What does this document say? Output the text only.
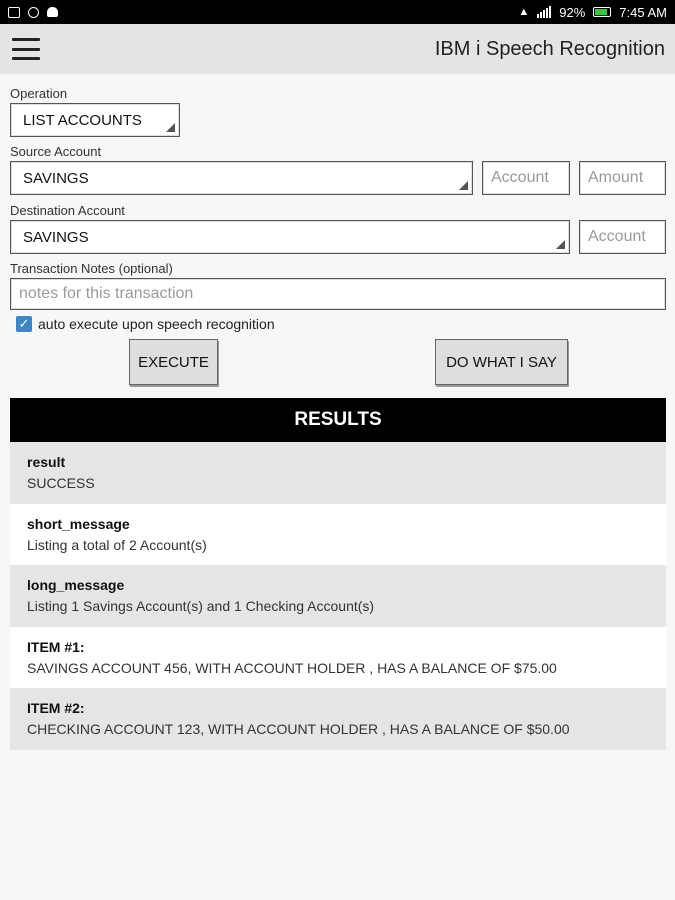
▲ 92%	7:45 AM
IBM i Speech Recognition
Operation
LIST ACCOUNTS
Source Account
SAVINGS	Account Amount
Destination Account
SAVINGS	Account
Transaction Notes (optional)
notes for this transaction
✓ auto execute upon speech recognition
EXECUTE	DO WHAT I SAY
RESULTS
result
SUCCESS
short_message
Listing a total of 2 Account(s)
long_message
Listing 1 Savings Account(s) and 1 Checking Account(s)
ITEM #1:
SAVINGS ACCOUNT 456, WITH ACCOUNT HOLDER , HAS A BALANCE OF $75.00
ITEM #2:
CHECKING ACCOUNT 123, WITH ACCOUNT HOLDER , HAS A BALANCE OF $50.00
